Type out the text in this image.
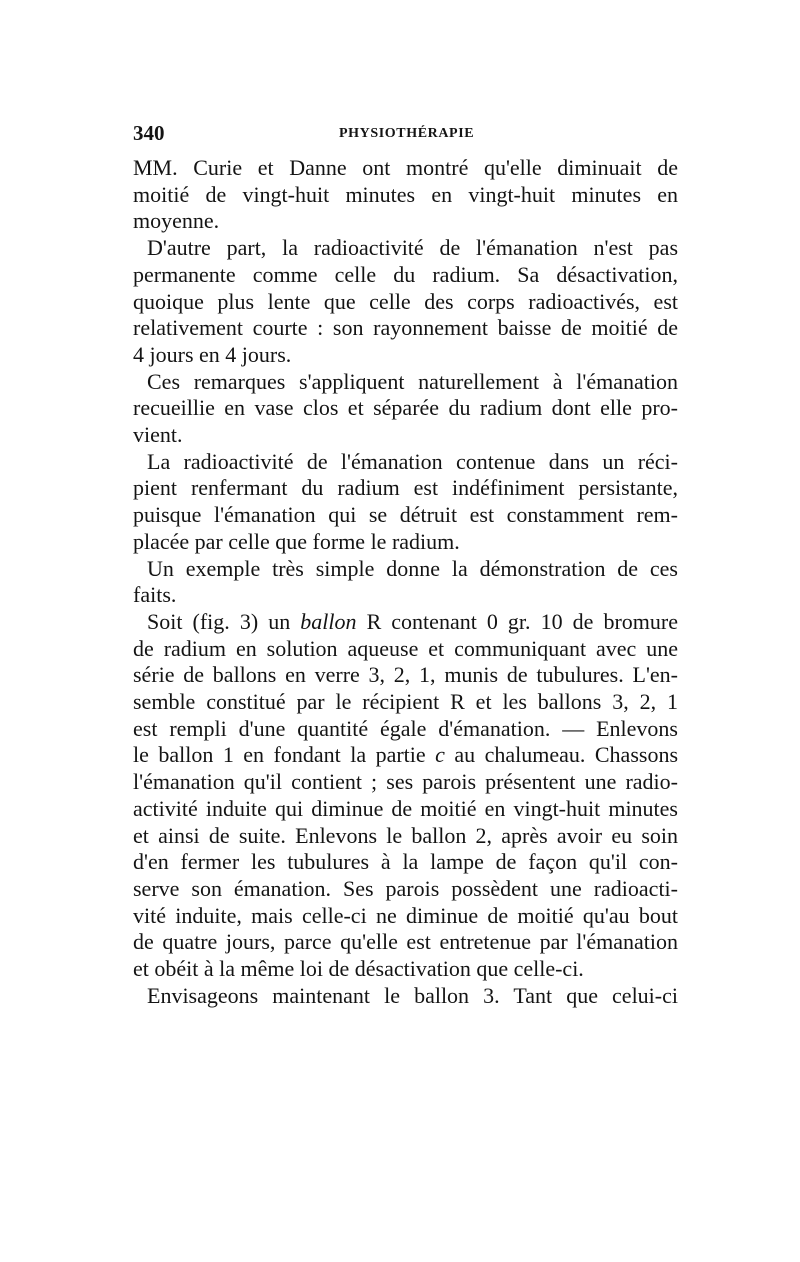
340	PHYSIOTHÉRAPIE
MM. Curie et Danne ont montré qu'elle diminuait de
moitié de vingt-huit minutes en vingt-huit minutes en
moyenne.
D'autre part, la radioactivité de l'émanation n'est pas
permanente comme celle du radium. Sa désactivation,
quoique plus lente que celle des corps radioactivés, est
relativement courte : son rayonnement baisse de moitié de
4 jours en 4 jours.
Ces remarques s'appliquent naturellement à l'émanation
recueillie en vase clos et séparée du radium dont elle pro-
vient.
La radioactivité de l'émanation contenue dans un réci-
pient renfermant du radium est indéfiniment persistante,
puisque l'émanation qui se détruit est constamment rem-
placée par celle que forme le radium.
Un exemple très simple donne la démonstration de ces
faits.
Soit (fig. 3) un ballon R contenant 0 gr. 10 de bromure
de radium en solution aqueuse et communiquant avec une
série de ballons en verre 3, 2, 1, munis de tubulures. L'en-
semble constitué par le récipient R et les ballons 3, 2, 1
est rempli d'une quantité égale d'émanation. — Enlevons
le ballon 1 en fondant la partie c au chalumeau. Chassons
l'émanation qu'il contient ; ses parois présentent une radio-
activité induite qui diminue de moitié en vingt-huit minutes
et ainsi de suite. Enlevons le ballon 2, après avoir eu soin
d'en fermer les tubulures à la lampe de façon qu'il con-
serve son émanation. Ses parois possèdent une radioacti-
vité induite, mais celle-ci ne diminue de moitié qu'au bout
de quatre jours, parce qu'elle est entretenue par l'émanation
et obéit à la même loi de désactivation que celle-ci.
Envisageons maintenant le ballon 3. Tant que celui-ci
